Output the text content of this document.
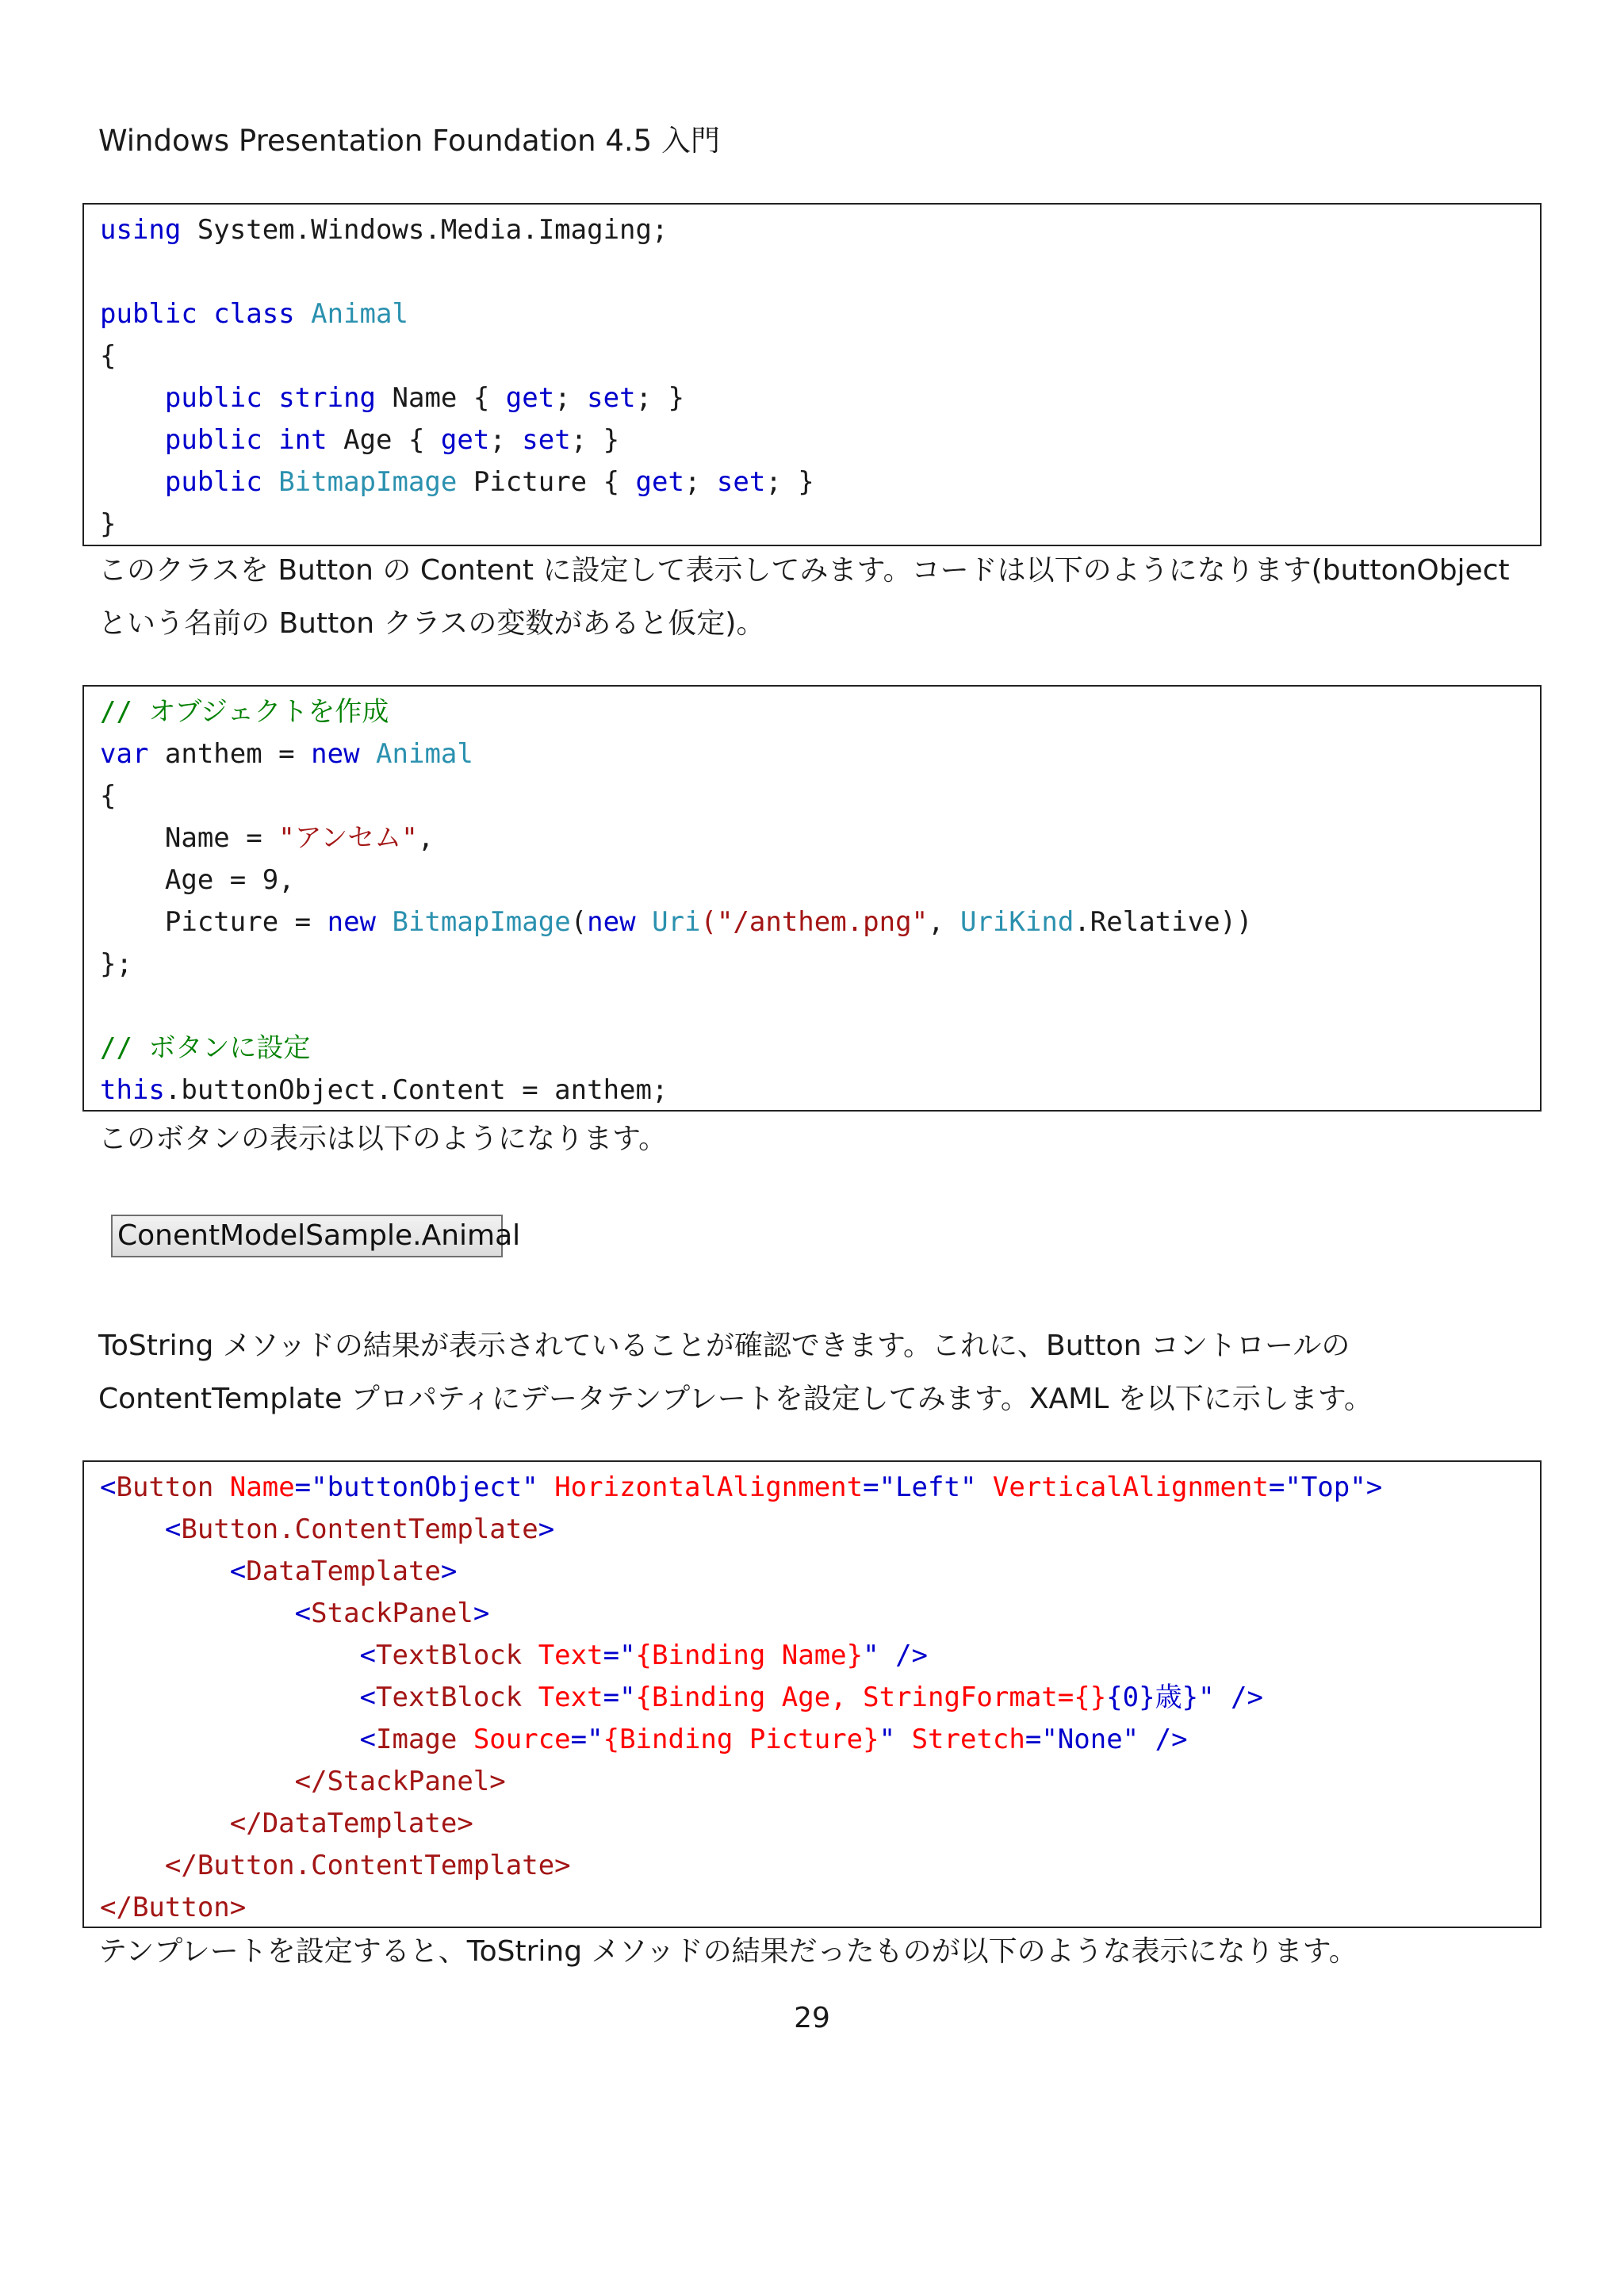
Windows Presentation Foundation 4.5 入門
using System.Windows.Media.Imaging;
public class Animal
{
public string Name { get; set; }
public int Age { get; set; }
public BitmapImage Picture { get; set; }
}
このクラスを Button の Content に設定して表示してみます。コードは以下のようになります(buttonObject という名前の Button クラスの変数があると仮定)。
// オブジェクトを作成
var anthem = new Animal
{
Name = "アンセム",
Age = 9,
Picture = new BitmapImage(new Uri("/anthem.png", UriKind.Relative))
};
// ボタンに設定
this.buttonObject.Content = anthem;
このボタンの表示は以下のようになります。
ConentModelSample.Animal
ToString メソッドの結果が表示されていることが確認できます。これに、Button コントロールの ContentTemplate プロパティにデータテンプレートを設定してみます。XAML を以下に示します。
<Button Name="buttonObject" HorizontalAlignment="Left" VerticalAlignment="Top">
<Button.ContentTemplate>
<DataTemplate>
<StackPanel>
<TextBlock Text="{Binding Name}" />
<TextBlock Text="{Binding Age, StringFormat={}{0}歳}" />
<Image Source="{Binding Picture}" Stretch="None" />
</StackPanel>
</DataTemplate>
</Button.ContentTemplate>
</Button>
テンプレートを設定すると、ToString メソッドの結果だったものが以下のような表示になります。
29
